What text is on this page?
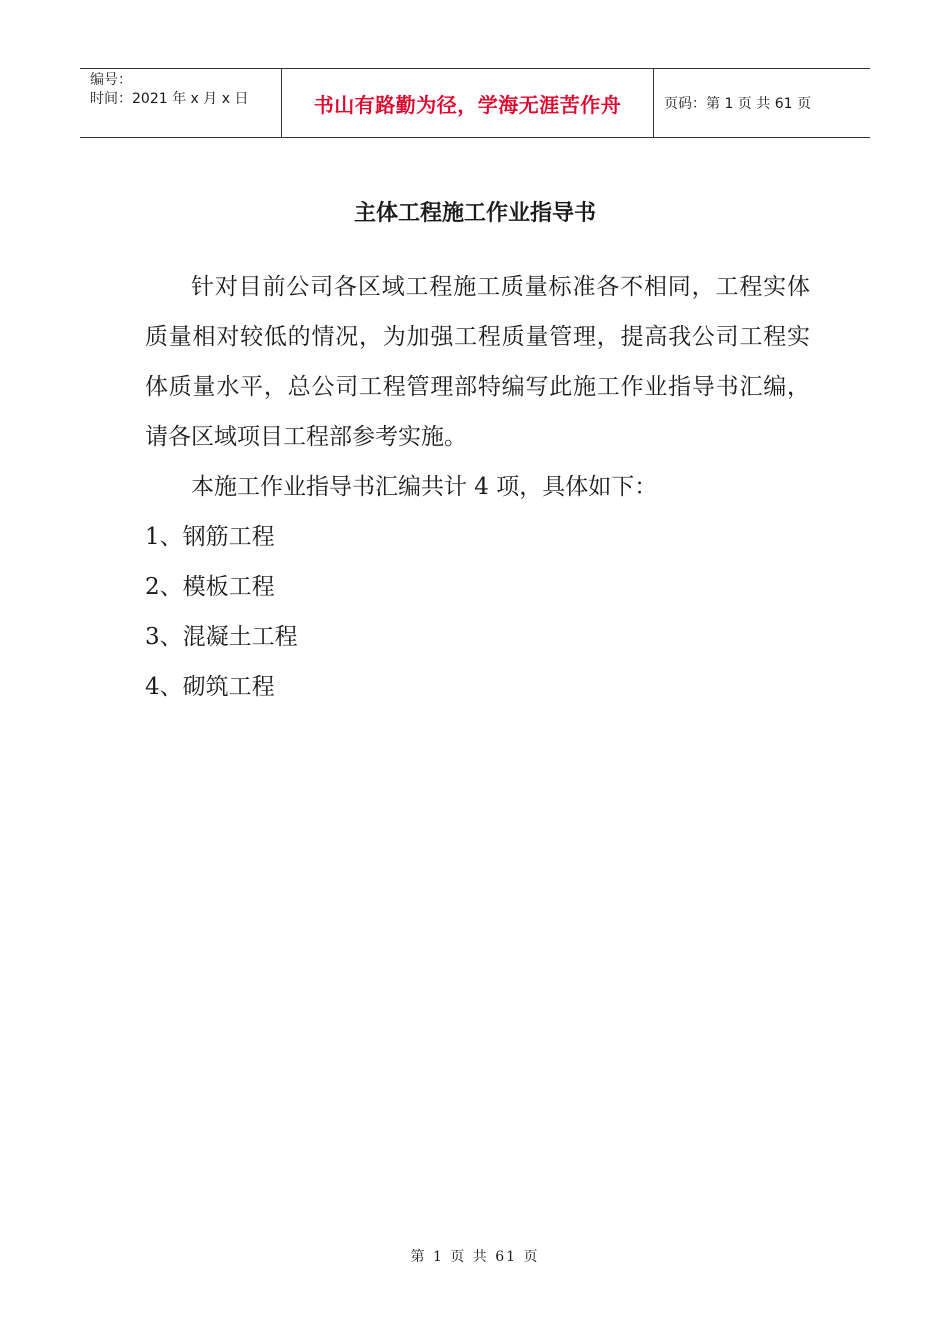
编号：
时间：2021 年 x 月 x 日	书山有路勤为径，学海无涯苦作舟	页码：第 1 页 共 61 页
主体工程施工作业指导书

针对目前公司各区域工程施工质量标准各不相同，工程实体质量相对较低的情况，为加强工程质量管理，提高我公司工程实体质量水平，总公司工程管理部特编写此施工作业指导书汇编，请各区域项目工程部参考实施。

本施工作业指导书汇编共计 4 项，具体如下：

1、钢筋工程

2、模板工程

3、混凝土工程

4、砌筑工程

第 1 页 共 61 页
